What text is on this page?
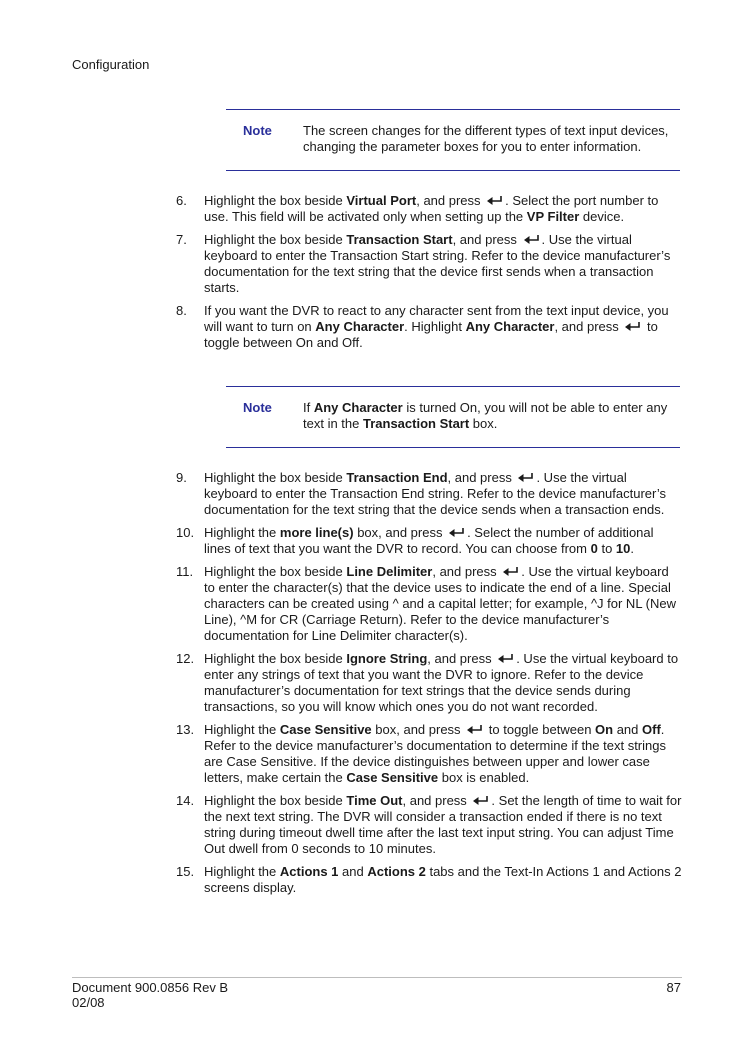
Configuration
Note The screen changes for the different types of text input devices, changing the parameter boxes for you to enter information.
6. Highlight the box beside Virtual Port, and press
. Select the port number to use. This field will be activated only when setting up the VP Filter device.
7. Highlight the box beside Transaction Start, and press
. Use the virtual keyboard to enter the Transaction Start string. Refer to the device manufacturer’s documentation for the text string that the device first sends when a transaction starts.
8. If you want the DVR to react to any character sent from the text input device, you will want to turn on Any Character. Highlight Any Character, and press
to toggle between On and Off.
Note If Any Character is turned On, you will not be able to enter any text in the Transaction Start box.
9. Highlight the box beside Transaction End, and press
. Use the virtual keyboard to enter the Transaction End string. Refer to the device manufacturer’s documentation for the text string that the device sends when a transaction ends.
10. Highlight the more line(s) box, and press
. Select the number of additional lines of text that you want the DVR to record. You can choose from 0 to 10.
11. Highlight the box beside Line Delimiter, and press
. Use the virtual keyboard to enter the character(s) that the device uses to indicate the end of a line. Special characters can be created using ^ and a capital letter; for example, ^J for NL (New Line), ^M for CR (Carriage Return). Refer to the device manufacturer’s documentation for Line Delimiter character(s).
12. Highlight the box beside Ignore String, and press
. Use the virtual keyboard to enter any strings of text that you want the DVR to ignore. Refer to the device manufacturer’s documentation for text strings that the device sends during transactions, so you will know which ones you do not want recorded.
13. Highlight the Case Sensitive box, and press
to toggle between On and Off. Refer to the device manufacturer’s documentation to determine if the text strings are Case Sensitive. If the device distinguishes between upper and lower case letters, make certain the Case Sensitive box is enabled.
14. Highlight the box beside Time Out, and press
. Set the length of time to wait for the next text string. The DVR will consider a transaction ended if there is no text string during timeout dwell time after the last text input string. You can adjust Time Out dwell from 0 seconds to 10 minutes.
15. Highlight the Actions 1 and Actions 2 tabs and the Text-In Actions 1 and Actions 2 screens display.
Document 900.0856 Rev B
02/08
87
